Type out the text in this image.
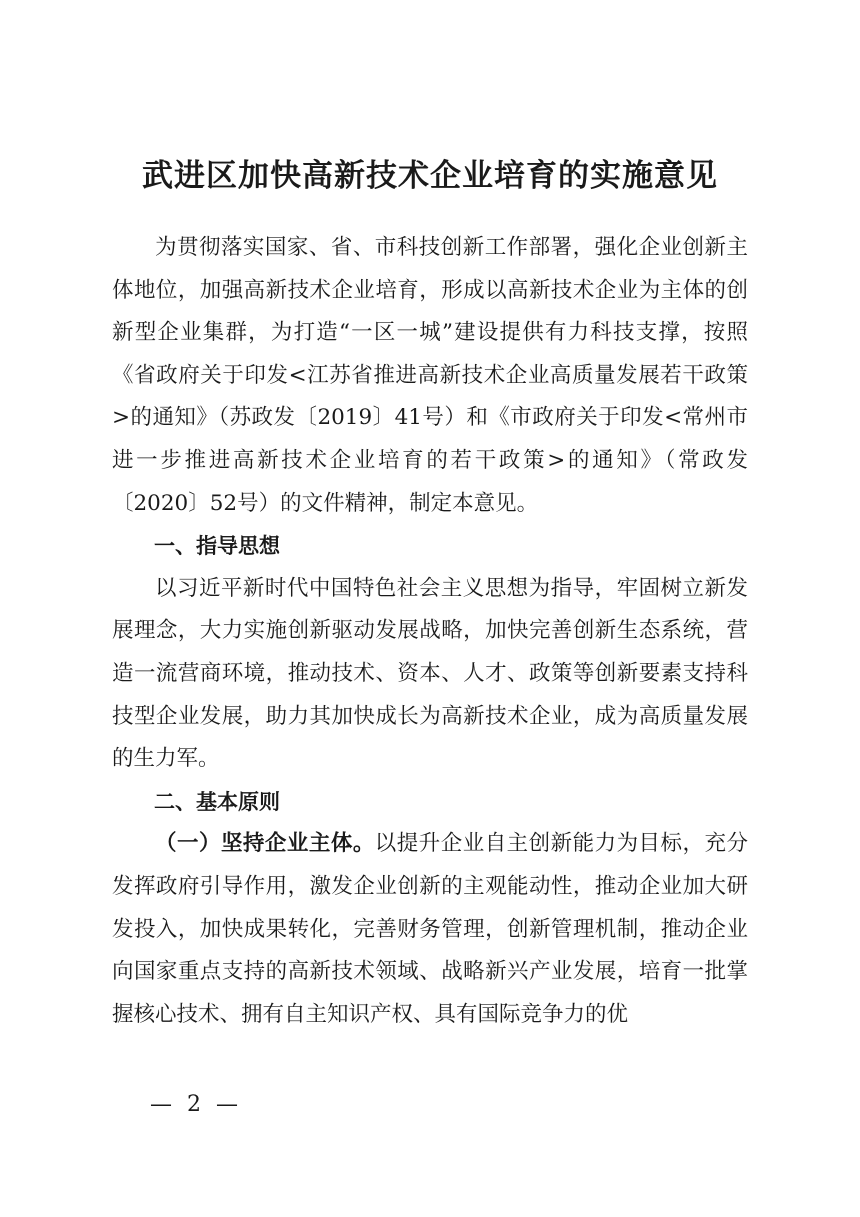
武进区加快高新技术企业培育的实施意见

为贯彻落实国家、省、市科技创新工作部署，强化企业创新主体地位，加强高新技术企业培育，形成以高新技术企业为主体的创新型企业集群，为打造“一区一城”建设提供有力科技支撑，按照《省政府关于印发<江苏省推进高新技术企业高质量发展若干政策>的通知》（苏政发〔2019〕41号）和《市政府关于印发<常州市进一步推进高新技术企业培育的若干政策>的通知》（常政发〔2020〕52号）的文件精神，制定本意见。

一、指导思想

以习近平新时代中国特色社会主义思想为指导，牢固树立新发展理念，大力实施创新驱动发展战略，加快完善创新生态系统，营造一流营商环境，推动技术、资本、人才、政策等创新要素支持科技型企业发展，助力其加快成长为高新技术企业，成为高质量发展的生力军。

二、基本原则

（一）坚持企业主体。以提升企业自主创新能力为目标，充分发挥政府引导作用，激发企业创新的主观能动性，推动企业加大研发投入，加快成果转化，完善财务管理，创新管理机制，推动企业向国家重点支持的高新技术领域、战略新兴产业发展，培育一批掌握核心技术、拥有自主知识产权、具有国际竞争力的优

— 2 —
